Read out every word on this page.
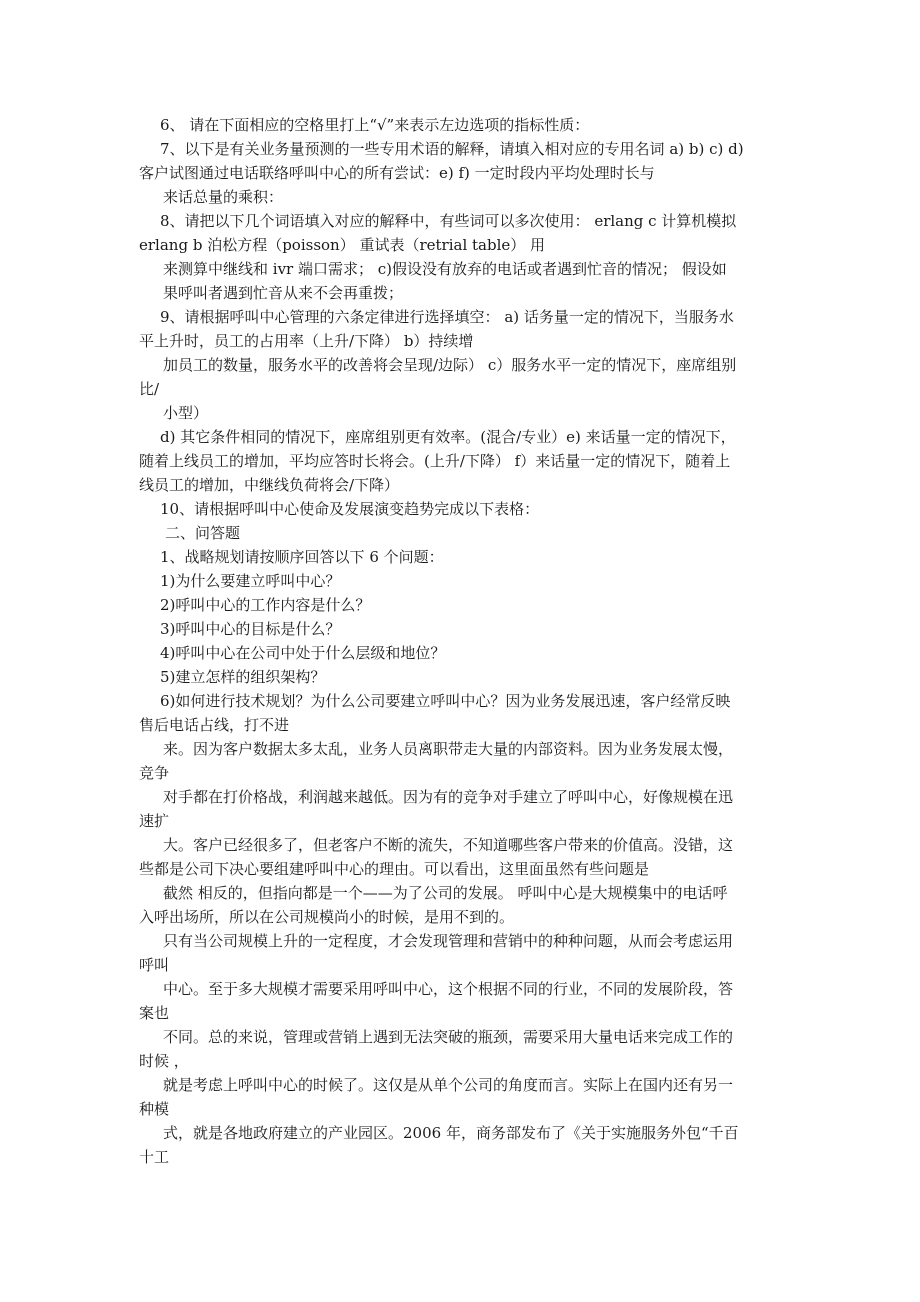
6、 请在下面相应的空格里打上“√”来表示左边选项的指标性质：
7、以下是有关业务量预测的一些专用术语的解释，请填入相对应的专用名词 a) b) c) d)
客户试图通过电话联络呼叫中心的所有尝试：e) f) 一定时段内平均处理时长与
来话总量的乘积：
8、请把以下几个词语填入对应的解释中，有些词可以多次使用： erlang c 计算机模拟
erlang b 泊松方程（poisson） 重试表（retrial table） 用
来测算中继线和 ivr 端口需求； c)假设没有放弃的电话或者遇到忙音的情况； 假设如
果呼叫者遇到忙音从来不会再重拨；
9、请根据呼叫中心管理的六条定律进行选择填空： a) 话务量一定的情况下，当服务水
平上升时，员工的占用率（上升/下降） b）持续增
加员工的数量，服务水平的改善将会呈现/边际） c）服务水平一定的情况下，座席组别
比/
小型）
d) 其它条件相同的情况下，座席组别更有效率。(混合/专业）e) 来话量一定的情况下，
随着上线员工的增加，平均应答时长将会。(上升/下降） f）来话量一定的情况下，随着上
线员工的增加，中继线负荷将会/下降）
10、请根据呼叫中心使命及发展演变趋势完成以下表格：
二、问答题
1、战略规划请按顺序回答以下 6 个问题：
1)为什么要建立呼叫中心？
2)呼叫中心的工作内容是什么？
3)呼叫中心的目标是什么？
4)呼叫中心在公司中处于什么层级和地位？
5)建立怎样的组织架构？
6)如何进行技术规划？为什么公司要建立呼叫中心？因为业务发展迅速，客户经常反映
售后电话占线，打不进
来。因为客户数据太多太乱，业务人员离职带走大量的内部资料。因为业务发展太慢，
竞争
对手都在打价格战，利润越来越低。因为有的竞争对手建立了呼叫中心，好像规模在迅
速扩
大。客户已经很多了，但老客户不断的流失，不知道哪些客户带来的价值高。没错，这
些都是公司下决心要组建呼叫中心的理由。可以看出，这里面虽然有些问题是
截然 相反的，但指向都是一个——为了公司的发展。 呼叫中心是大规模集中的电话呼
入呼出场所，所以在公司规模尚小的时候，是用不到的。
只有当公司规模上升的一定程度，才会发现管理和营销中的种种问题，从而会考虑运用
呼叫
中心。至于多大规模才需要采用呼叫中心，这个根据不同的行业，不同的发展阶段，答
案也
不同。总的来说，管理或营销上遇到无法突破的瓶颈，需要采用大量电话来完成工作的
时候 ，
就是考虑上呼叫中心的时候了。这仅是从单个公司的角度而言。实际上在国内还有另一
种模
式，就是各地政府建立的产业园区。2006 年，商务部发布了《关于实施服务外包“千百
十工
